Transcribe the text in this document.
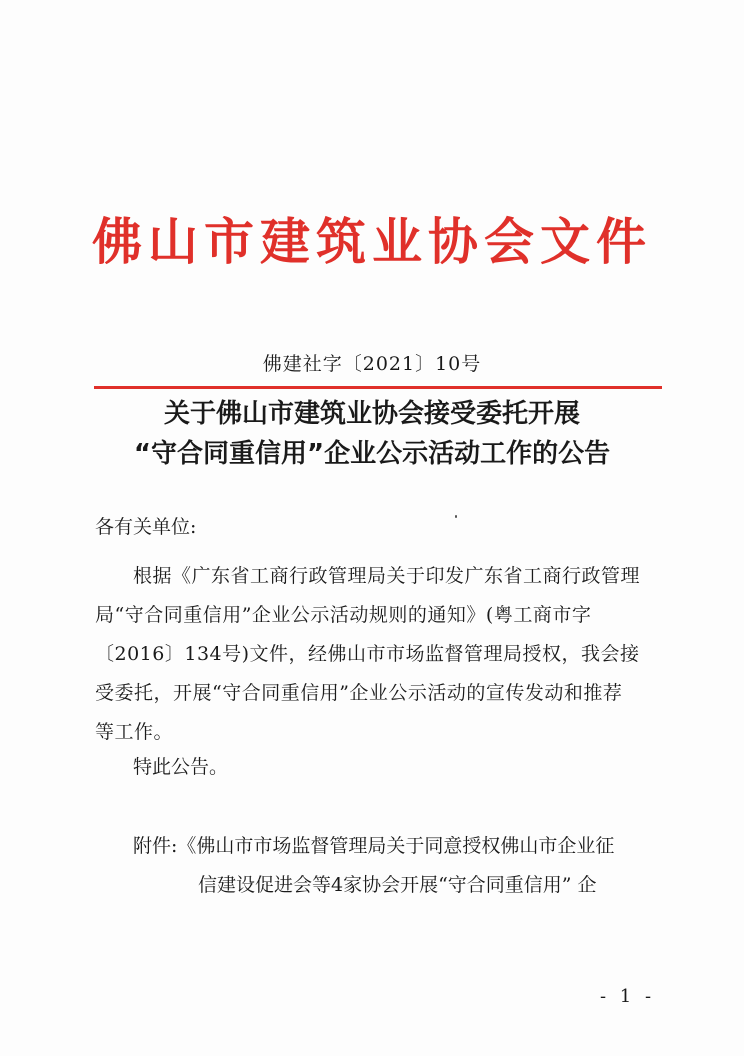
佛山市建筑业协会文件
佛建社字〔2021〕10号
关于佛山市建筑业协会接受委托开展
“守合同重信用”企业公示活动工作的公告
各有关单位:
根据《广东省工商行政管理局关于印发广东省工商行政管理
局“守合同重信用”企业公示活动规则的通知》(粤工商市字
〔2016〕134号)文件，经佛山市市场监督管理局授权，我会接
受委托，开展“守合同重信用”企业公示活动的宣传发动和推荐
等工作。
特此公告。
附件:《佛山市市场监督管理局关于同意授权佛山市企业征
信建设促进会等4家协会开展“守合同重信用” 企
- 1 -
